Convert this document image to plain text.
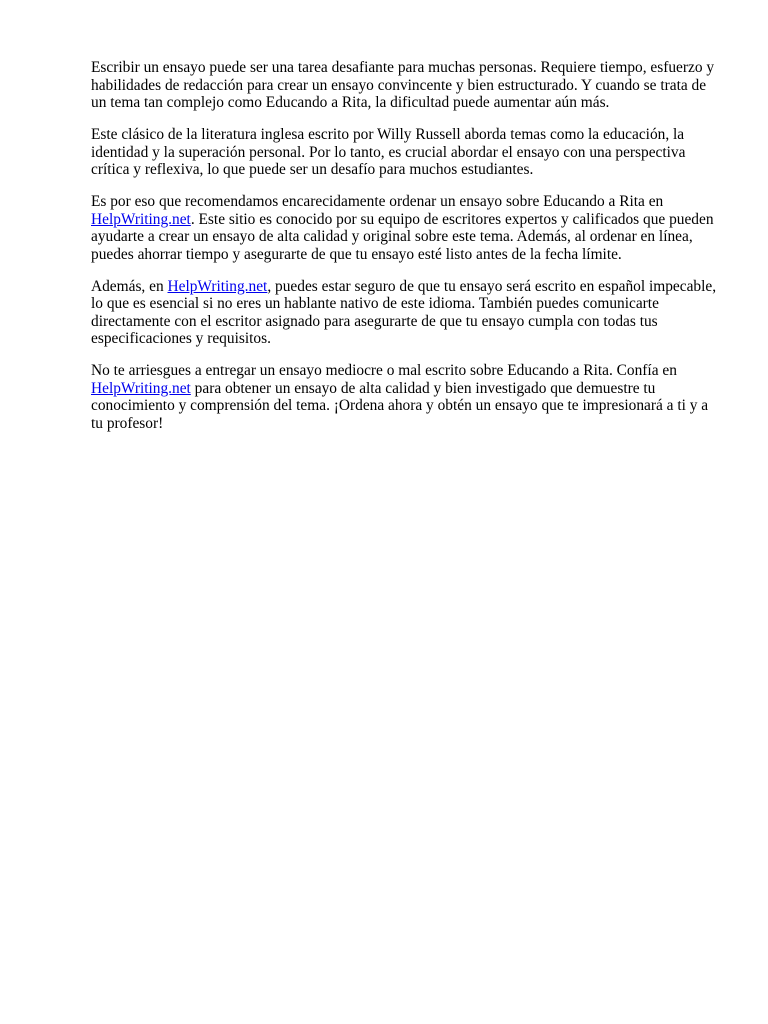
Escribir un ensayo puede ser una tarea desafiante para muchas personas. Requiere tiempo, esfuerzo y habilidades de redacción para crear un ensayo convincente y bien estructurado. Y cuando se trata de un tema tan complejo como Educando a Rita, la dificultad puede aumentar aún más.

Este clásico de la literatura inglesa escrito por Willy Russell aborda temas como la educación, la identidad y la superación personal. Por lo tanto, es crucial abordar el ensayo con una perspectiva crítica y reflexiva, lo que puede ser un desafío para muchos estudiantes.

Es por eso que recomendamos encarecidamente ordenar un ensayo sobre Educando a Rita en HelpWriting.net. Este sitio es conocido por su equipo de escritores expertos y calificados que pueden ayudarte a crear un ensayo de alta calidad y original sobre este tema. Además, al ordenar en línea, puedes ahorrar tiempo y asegurarte de que tu ensayo esté listo antes de la fecha límite.

Además, en HelpWriting.net, puedes estar seguro de que tu ensayo será escrito en español impecable, lo que es esencial si no eres un hablante nativo de este idioma. También puedes comunicarte directamente con el escritor asignado para asegurarte de que tu ensayo cumpla con todas tus especificaciones y requisitos.

No te arriesgues a entregar un ensayo mediocre o mal escrito sobre Educando a Rita. Confía en HelpWriting.net para obtener un ensayo de alta calidad y bien investigado que demuestre tu conocimiento y comprensión del tema. ¡Ordena ahora y obtén un ensayo que te impresionará a ti y a tu profesor!
